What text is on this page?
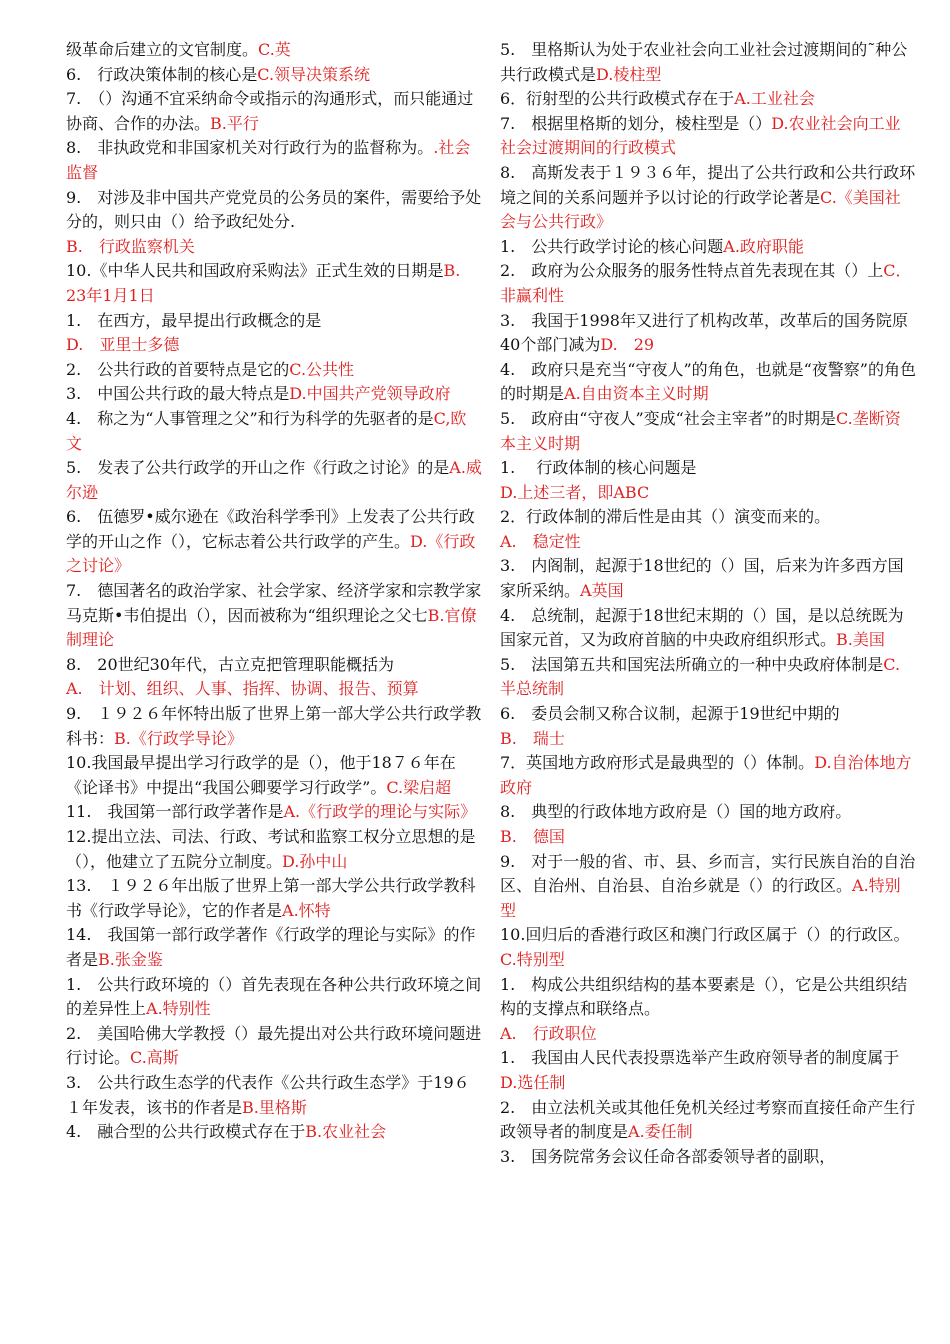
级革命后建立的文官制度。C.英

6.　行政决策体制的核心是C.领导决策系统

7.　（）沟通不宜采纳命令或指示的沟通形式，而只能通过协商、合作的办法。B.平行

8.　非执政党和非国家机关对行政行为的监督称为。.社会监督

9.　对涉及非中国共产党党员的公务员的案件，需要给予处分的，则只由（）给予政纪处分.

B.　行政监察机关

10.《中华人民共和国政府采购法》正式生效的日期是B.　23年1月1日

1.　在西方，最早提出行政概念的是

D.　亚里士多德

2.　公共行政的首要特点是它的C.公共性

3.　中国公共行政的最大特点是D.中国共产党领导政府

4.　称之为“人事管理之父”和行为科学的先驱者的是C,欧文

5.　发表了公共行政学的开山之作《行政之讨论》的是A.威尔逊

6.　伍德罗•威尔逊在《政治科学季刊》上发表了公共行政学的开山之作（），它标志着公共行政学的产生。D.《行政之讨论》

7.　德国著名的政治学家、社会学家、经济学家和宗教学家马克斯•韦伯提出（），因而被称为“组织理论之父七B.官僚制理论

8.　20世纪30年代，古立克把管理职能概括为

A.　计划、组织、人事、指挥、协调、报告、预算

9.　１９２６年怀特出版了世界上第一部大学公共行政学教科书：B.《行政学导论》

10.我国最早提出学习行政学的是（），他于18７６年在《论译书》中提出“我国公卿要学习行政学”。C.梁启超

11.　我国第一部行政学著作是A.《行政学的理论与实际》

12.提出立法、司法、行政、考试和监察工权分立思想的是（），他建立了五院分立制度。D.孙中山

13.　１９２６年出版了世界上第一部大学公共行政学教科书《行政学导论》，它的作者是A.怀特

14.　我国第一部行政学著作《行政学的理论与实际》的作者是B.张金鉴

1.　公共行政环境的（）首先表现在各种公共行政环境之间的差异性上A.特别性

2.　美国哈佛大学教授（）最先提出对公共行政环境问题进行讨论。C.高斯

3.　公共行政生态学的代表作《公共行政生态学》于19６１年发表，该书的作者是B.里格斯

4.　融合型的公共行政模式存在于B.农业社会

5.　里格斯认为处于农业社会向工业社会过渡期间的˜种公共行政模式是D.棱柱型

6．衍射型的公共行政模式存在于A.工业社会

7.　根据里格斯的划分，棱柱型是（）D.农业社会向工业社会过渡期间的行政模式

8.　高斯发表于１９３６年，提出了公共行政和公共行政环境之间的关系问题并予以讨论的行政学论著是C.《美国社会与公共行政》

1.　公共行政学讨论的核心问题A.政府职能

2.　政府为公众服务的服务性特点首先表现在其（）上C．非赢利性

3.　我国于1998年又进行了机构改革，改革后的国务院原40个部门减为D.　29

4.　政府只是充当“守夜人”的角色，也就是“夜警察”的角色的时期是A.自由资本主义时期

5.　政府由“守夜人”变成“社会主宰者”的时期是C.垄断资本主义时期

1.　 行政体制的核心问题是

D.上述三者，即ABC

2．行政体制的滞后性是由其（）演变而来的。

A.　稳定性

3.　内阁制，起源于18世纪的（）国，后来为许多西方国家所采纳。A英国

4.　总统制，起源于18世纪末期的（）国，是以总统既为国家元首，又为政府首脑的中央政府组织形式。B.美国

5.　法国第五共和国宪法所确立的一种中央政府体制是C.半总统制

6.　委员会制又称合议制，起源于19世纪中期的

B.　瑞士

7．英国地方政府形式是最典型的（）体制。D.自治体地方政府

8.　典型的行政体地方政府是（）国的地方政府。

B.　德国

9.　对于一般的省、市、县、乡而言，实行民族自治的自治区、自治州、自治县、自治乡就是（）的行政区。A.特别型

10.回归后的香港行政区和澳门行政区属于（）的行政区。C.特别型

1.　构成公共组织结构的基本要素是（），它是公共组织结构的支撑点和联络点。

A.　行政职位

1.　我国由人民代表投票选举产生政府领导者的制度属于D.选任制

2.　由立法机关或其他任免机关经过考察而直接任命产生行政领导者的制度是A.委任制

3.　国务院常务会议任命各部委领导者的副职，
